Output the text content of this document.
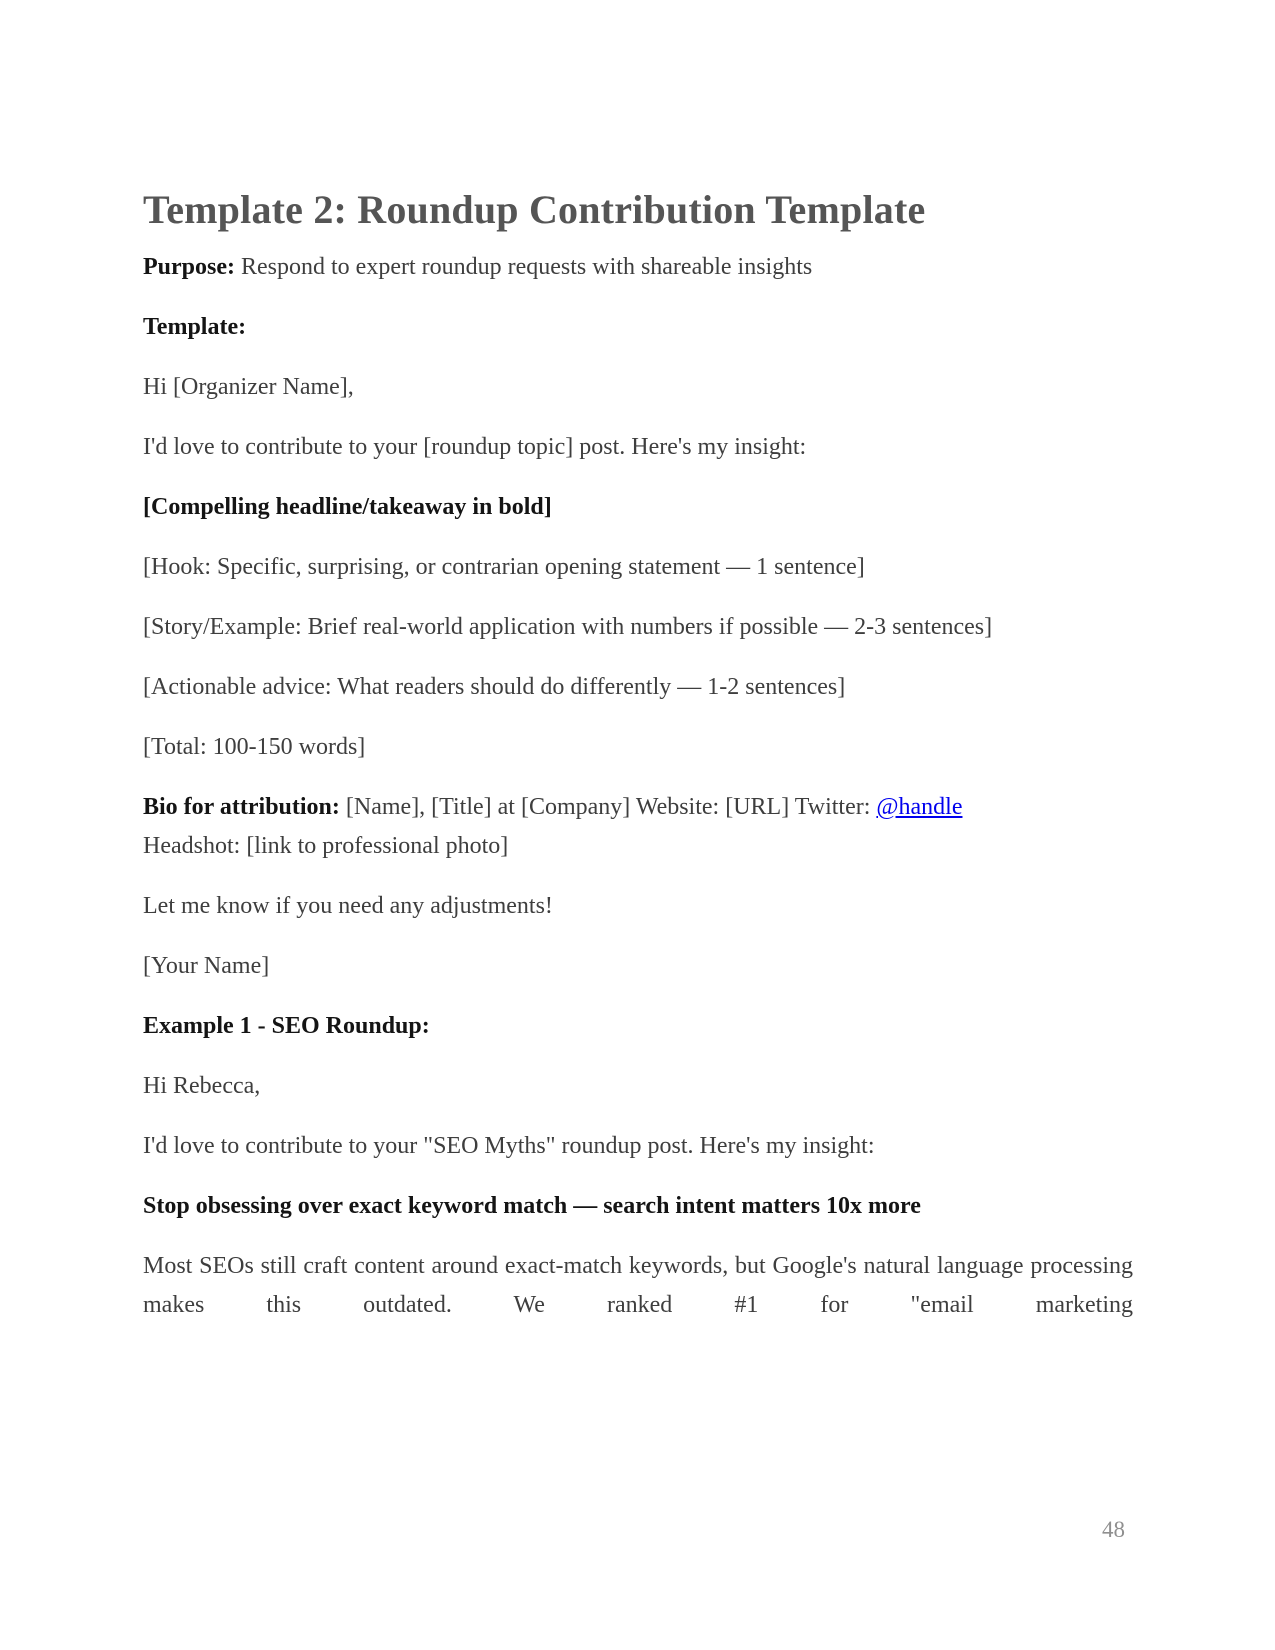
Template 2: Roundup Contribution Template

Purpose: Respond to expert roundup requests with shareable insights

Template:

Hi [Organizer Name],

I'd love to contribute to your [roundup topic] post. Here's my insight:

[Compelling headline/takeaway in bold]

[Hook: Specific, surprising, or contrarian opening statement — 1 sentence]

[Story/Example: Brief real-world application with numbers if possible — 2-3 sentences]

[Actionable advice: What readers should do differently — 1-2 sentences]

[Total: 100-150 words]

Bio for attribution: [Name], [Title] at [Company] Website: [URL] Twitter: @handle
Headshot: [link to professional photo]

Let me know if you need any adjustments!

[Your Name]

Example 1 - SEO Roundup:

Hi Rebecca,

I'd love to contribute to your "SEO Myths" roundup post. Here's my insight:

Stop obsessing over exact keyword match — search intent matters 10x more

Most SEOs still craft content around exact-match keywords, but Google's natural language processing makes this outdated. We ranked #1 for "email marketing

48
